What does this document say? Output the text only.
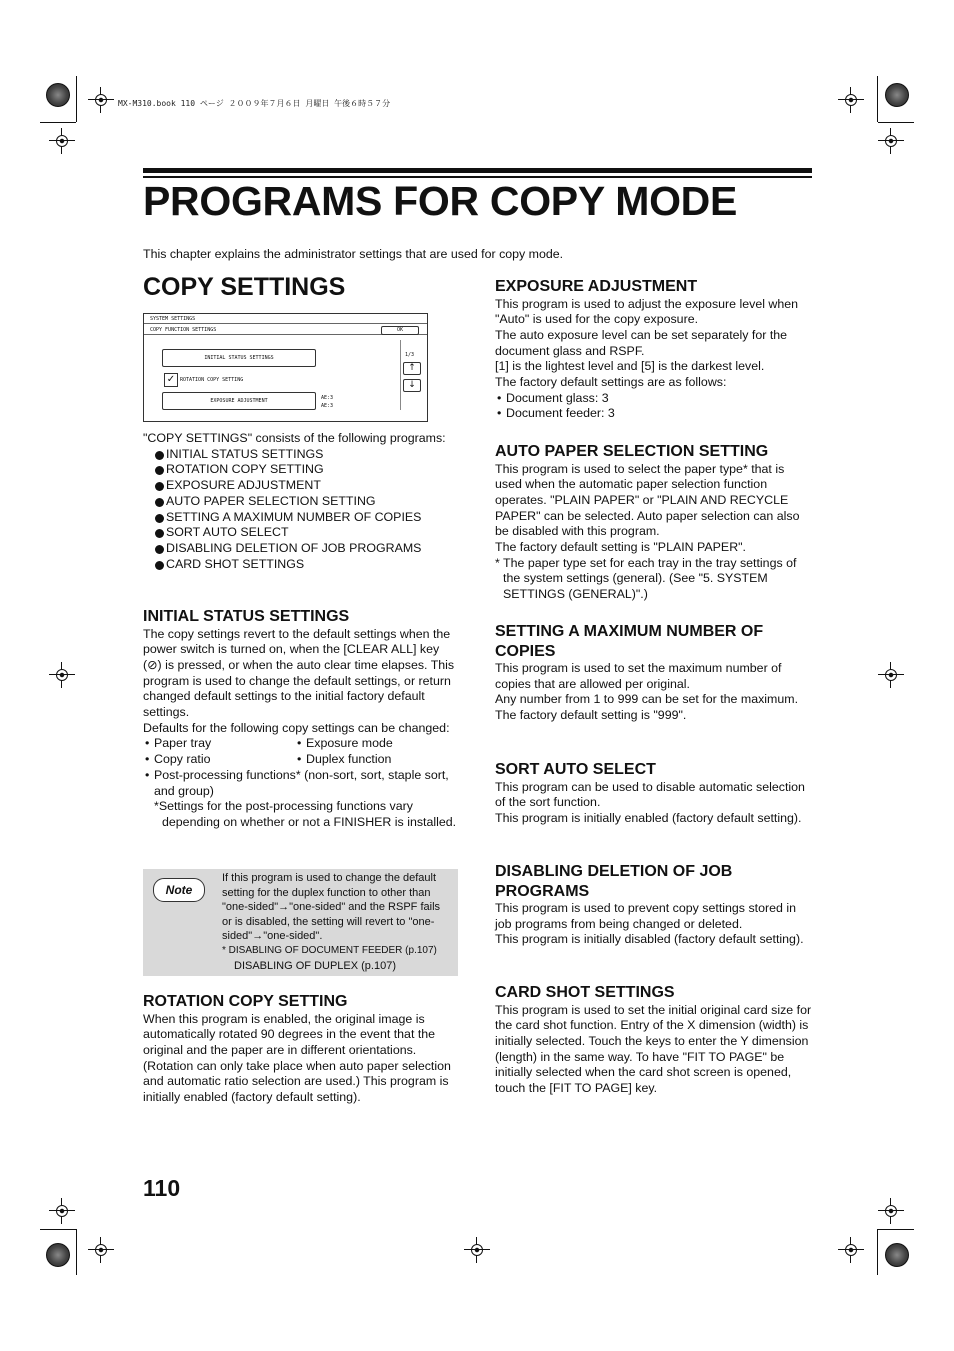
MX-M310.book 110 ページ ２００９年７月６日 月曜日 午後６時５７分
PROGRAMS FOR COPY MODE
This chapter explains the administrator settings that are used for copy mode.
COPY SETTINGS
SYSTEM SETTINGS
COPY FUNCTION SETTINGS	OK
INITIAL STATUS SETTINGS
✓ ROTATION COPY SETTING
EXPOSURE ADJUSTMENT	AE:3
AE:3
1/3
↑
↓

"COPY SETTINGS" consists of the following programs:

INITIAL STATUS SETTINGS
ROTATION COPY SETTING
EXPOSURE ADJUSTMENT
AUTO PAPER SELECTION SETTING
SETTING A MAXIMUM NUMBER OF COPIES
SORT AUTO SELECT
DISABLING DELETION OF JOB PROGRAMS
CARD SHOT SETTINGS
INITIAL STATUS SETTINGS

The copy settings revert to the default settings when the power switch is turned on, when the [CLEAR ALL] key (⊘) is pressed, or when the auto clear time elapses. This program is used to change the default settings, or return changed default settings to the initial factory default settings.

Defaults for the following copy settings can be changed:

• Paper tray
• Copy ratio
• Exposure mode
• Duplex function
• Post-processing functions* (non-sort, sort, staple sort, and group)

*Settings for the post-processing functions vary depending on whether or not a FINISHER is installed.

Note

If this program is used to change the default setting for the duplex function to other than "one-sided"→"one-sided" and the RSPF fails or is disabled, the setting will revert to "one-sided"→"one-sided".

* DISABLING OF DOCUMENT FEEDER (p.107)

DISABLING OF DUPLEX (p.107)

ROTATION COPY SETTING

When this program is enabled, the original image is automatically rotated 90 degrees in the event that the original and the paper are in different orientations. (Rotation can only take place when auto paper selection and automatic ratio selection are used.) This program is initially enabled (factory default setting).

EXPOSURE ADJUSTMENT

This program is used to adjust the exposure level when "Auto" is used for the copy exposure.

The auto exposure level can be set separately for the document glass and RSPF.

[1] is the lightest level and [5] is the darkest level.

The factory default settings are as follows:

• Document glass: 3
• Document feeder: 3
AUTO PAPER SELECTION SETTING

This program is used to select the paper type* that is used when the automatic paper selection function operates. "PLAIN PAPER" or "PLAIN AND RECYCLE PAPER" can be selected. Auto paper selection can also be disabled with this program.

The factory default setting is "PLAIN PAPER".

* The paper type set for each tray in the tray settings of the system settings (general). (See "5. SYSTEM SETTINGS (GENERAL)".)

SETTING A MAXIMUM NUMBER OF COPIES

This program is used to set the maximum number of copies that are allowed per original.

Any number from 1 to 999 can be set for the maximum.

The factory default setting is "999".

SORT AUTO SELECT

This program can be used to disable automatic selection of the sort function.

This program is initially enabled (factory default setting).

DISABLING DELETION OF JOB PROGRAMS

This program is used to prevent copy settings stored in job programs from being changed or deleted.

This program is initially disabled (factory default setting).

CARD SHOT SETTINGS

This program is used to set the initial original card size for the card shot function. Entry of the X dimension (width) is initially selected. Touch the keys to enter the Y dimension (length) in the same way. To have "FIT TO PAGE" be initially selected when the card shot screen is opened, touch the [FIT TO PAGE] key.

110
